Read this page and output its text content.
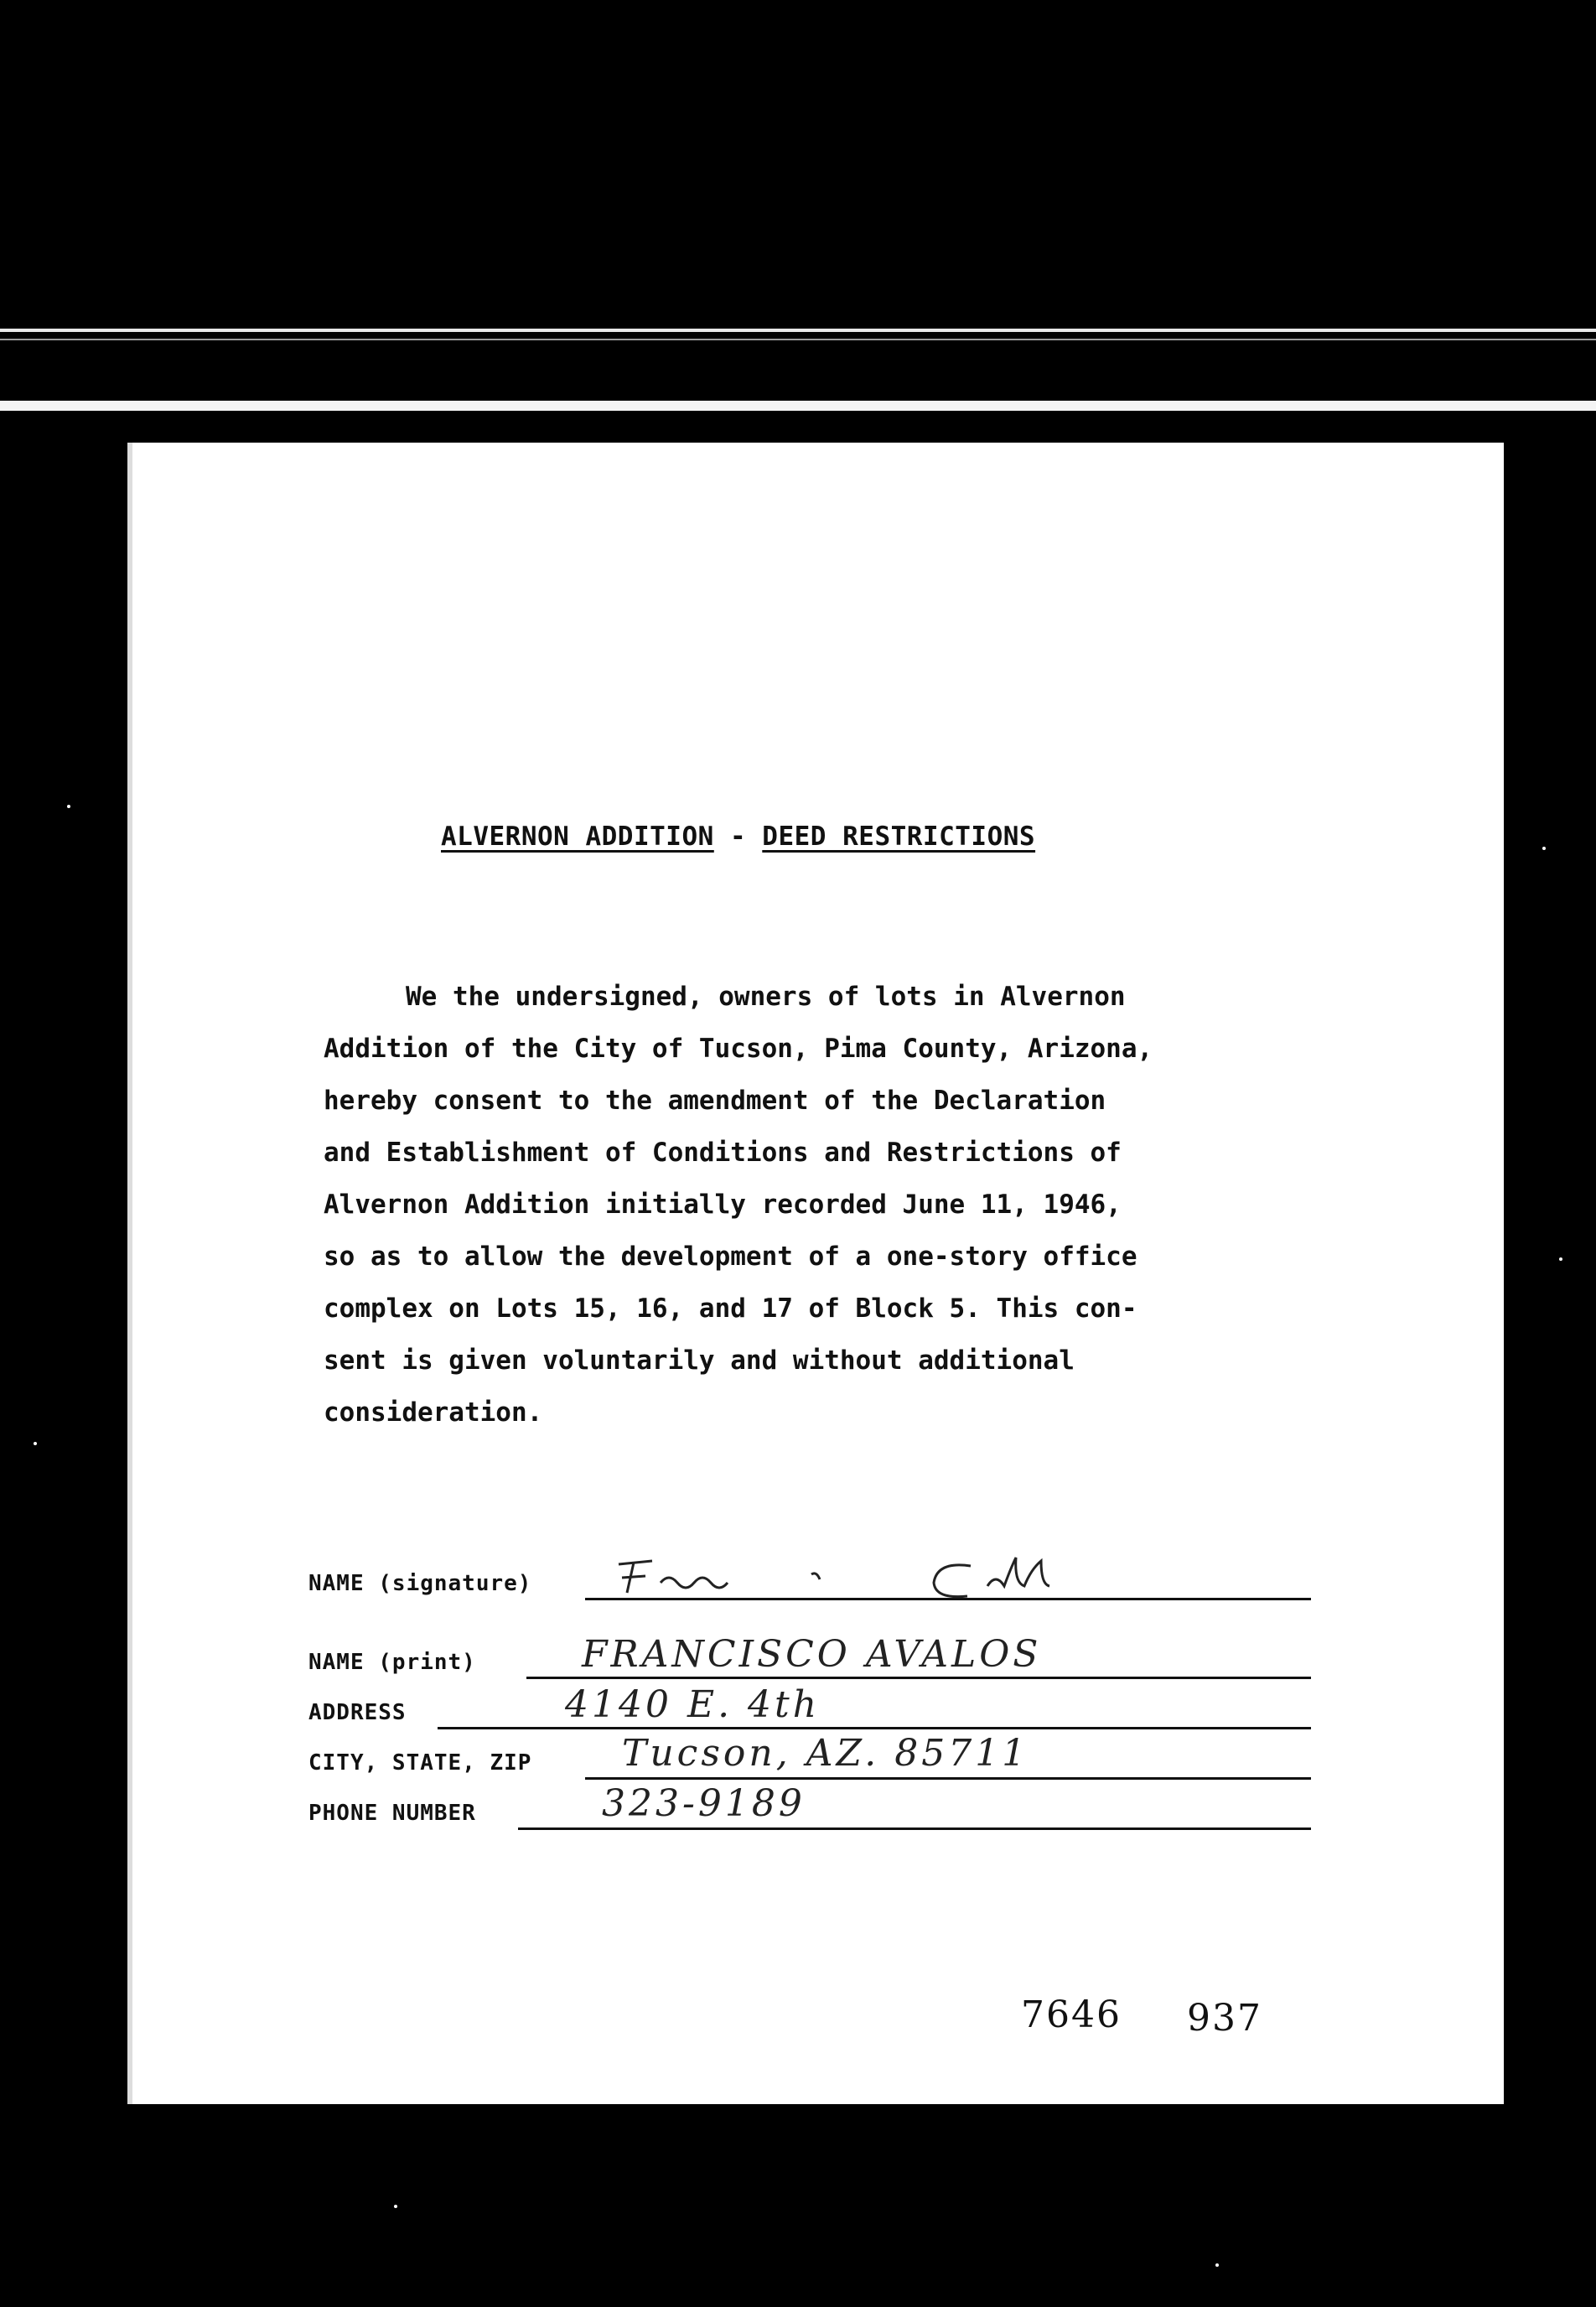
ALVERNON ADDITION - DEED RESTRICTIONS
We the undersigned, owners of lots in Alvernon
Addition of the City of Tucson, Pima County, Arizona,
hereby consent to the amendment of the Declaration
and Establishment of Conditions and Restrictions of
Alvernon Addition initially recorded June 11, 1946,
so as to allow the development of a one-story office
complex on Lots 15, 16, and 17 of Block 5. This con-
sent is given voluntarily and without additional
consideration.
NAME (signature)
NAME (print)	FRANCISCO AVALOS
ADDRESS	4140 E. 4th
CITY, STATE, ZIP Tucson, AZ. 85711
PHONE NUMBER	323-9189
7646 937
